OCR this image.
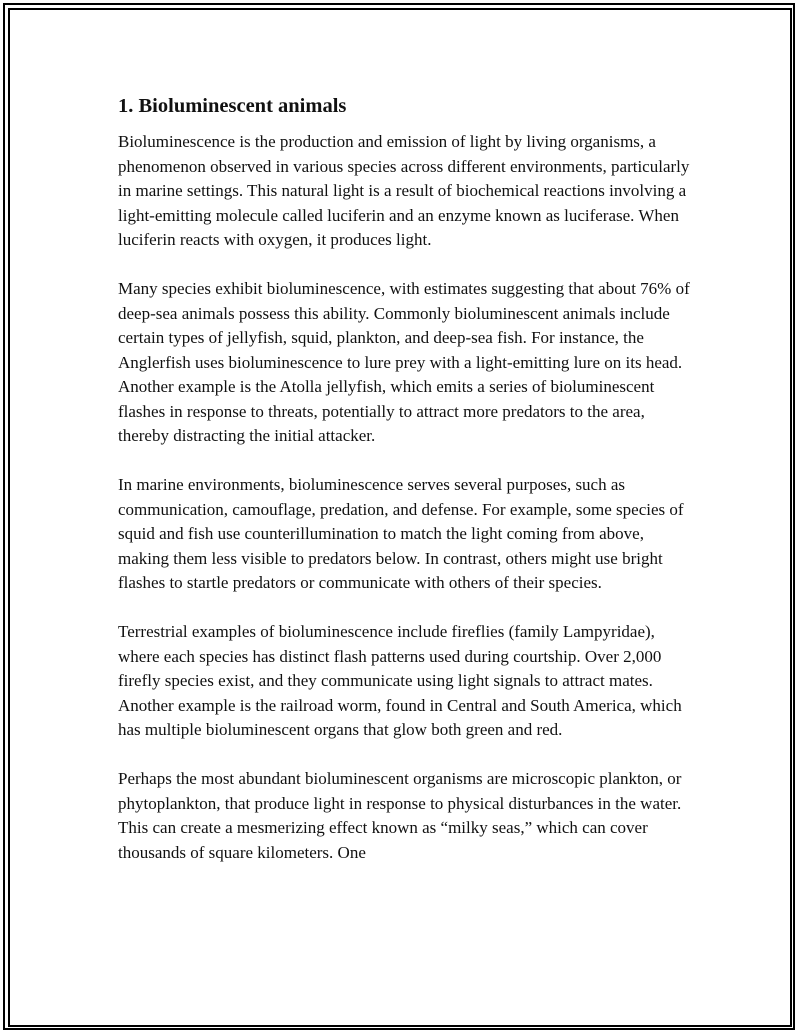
1. Bioluminescent animals

Bioluminescence is the production and emission of light by living organisms, a phenomenon observed in various species across different environments, particularly in marine settings. This natural light is a result of biochemical reactions involving a light-emitting molecule called luciferin and an enzyme known as luciferase. When luciferin reacts with oxygen, it produces light.

Many species exhibit bioluminescence, with estimates suggesting that about 76% of deep-sea animals possess this ability. Commonly bioluminescent animals include certain types of jellyfish, squid, plankton, and deep-sea fish. For instance, the Anglerfish uses bioluminescence to lure prey with a light-emitting lure on its head. Another example is the Atolla jellyfish, which emits a series of bioluminescent flashes in response to threats, potentially to attract more predators to the area, thereby distracting the initial attacker.

In marine environments, bioluminescence serves several purposes, such as communication, camouflage, predation, and defense. For example, some species of squid and fish use counterillumination to match the light coming from above, making them less visible to predators below. In contrast, others might use bright flashes to startle predators or communicate with others of their species.

Terrestrial examples of bioluminescence include fireflies (family Lampyridae), where each species has distinct flash patterns used during courtship. Over 2,000 firefly species exist, and they communicate using light signals to attract mates. Another example is the railroad worm, found in Central and South America, which has multiple bioluminescent organs that glow both green and red.

Perhaps the most abundant bioluminescent organisms are microscopic plankton, or phytoplankton, that produce light in response to physical disturbances in the water. This can create a mesmerizing effect known as “milky seas,” which can cover thousands of square kilometers. One
